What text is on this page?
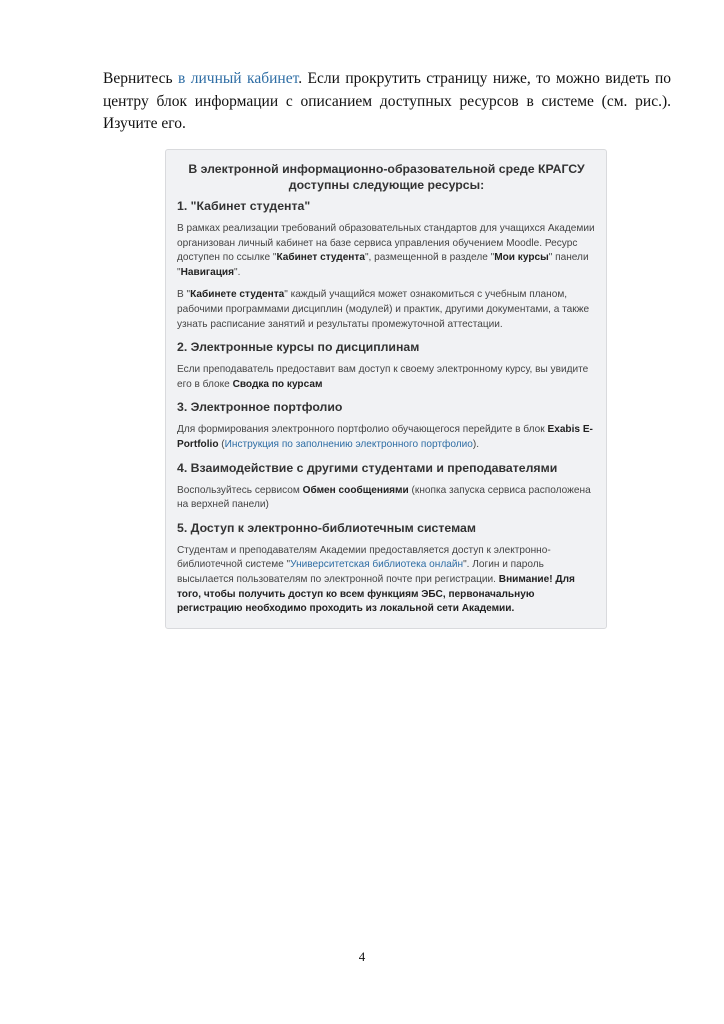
Вернитесь в личный кабинет. Если прокрутить страницу ниже, то можно видеть по центру блок информации с описанием доступных ресурсов в системе (см. рис.). Изучите его.
В электронной информационно-образовательной среде КРАГСУ доступны следующие ресурсы:
1. "Кабинет студента"
В рамках реализации требований образовательных стандартов для учащихся Академии организован личный кабинет на базе сервиса управления обучением Moodle. Ресурс доступен по ссылке "Кабинет студента", размещенной в разделе "Мои курсы" панели "Навигация".
В "Кабинете студента" каждый учащийся может ознакомиться с учебным планом, рабочими программами дисциплин (модулей) и практик, другими документами, а также узнать расписание занятий и результаты промежуточной аттестации.
2. Электронные курсы по дисциплинам
Если преподаватель предоставит вам доступ к своему электронному курсу, вы увидите его в блоке Сводка по курсам
3. Электронное портфолио
Для формирования электронного портфолио обучающегося перейдите в блок Exabis E-Portfolio (Инструкция по заполнению электронного портфолио).
4. Взаимодействие с другими студентами и преподавателями
Воспользуйтесь сервисом Обмен сообщениями (кнопка запуска сервиса расположена на верхней панели)
5. Доступ к электронно-библиотечным системам
Студентам и преподавателям Академии предоставляется доступ к электронно-библиотечной системе "Университетская библиотека онлайн". Логин и пароль высылается пользователям по электронной почте при регистрации. Внимание! Для того, чтобы получить доступ ко всем функциям ЭБС, первоначальную регистрацию необходимо проходить из локальной сети Академии.
4
